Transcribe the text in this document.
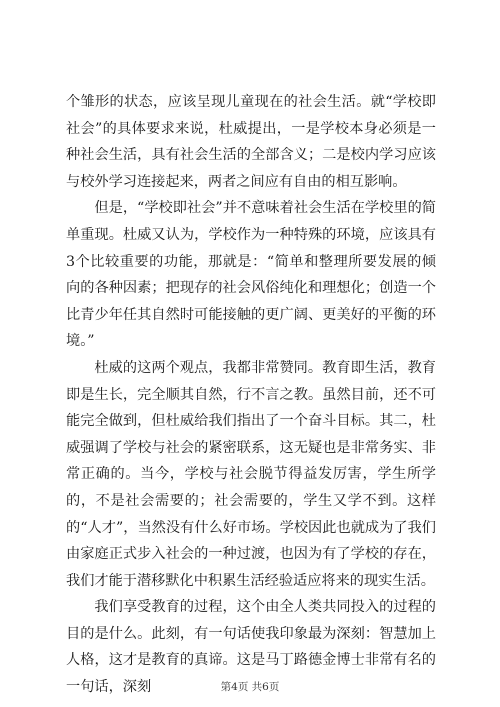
个雏形的状态，应该呈现儿童现在的社会生活。就“学校即社会”的具体要求来说，杜威提出，一是学校本身必须是一种社会生活，具有社会生活的全部含义；二是校内学习应该与校外学习连接起来，两者之间应有自由的相互影响。

但是，“学校即社会”并不意味着社会生活在学校里的简单重现。杜威又认为，学校作为一种特殊的环境，应该具有3个比较重要的功能，那就是：“简单和整理所要发展的倾向的各种因素；把现存的社会风俗纯化和理想化；创造一个比青少年任其自然时可能接触的更广阔、更美好的平衡的环境。”

杜威的这两个观点，我都非常赞同。教育即生活，教育即是生长，完全顺其自然，行不言之教。虽然目前，还不可能完全做到，但杜威给我们指出了一个奋斗目标。其二，杜威强调了学校与社会的紧密联系，这无疑也是非常务实、非常正确的。当今，学校与社会脱节得益发厉害，学生所学的，不是社会需要的；社会需要的，学生又学不到。这样的“人才”，当然没有什么好市场。学校因此也就成为了我们由家庭正式步入社会的一种过渡，也因为有了学校的存在，我们才能于潜移默化中积累生活经验适应将来的现实生活。

我们享受教育的过程，这个由全人类共同投入的过程的目的是什么。此刻，有一句话使我印象最为深刻：智慧加上人格，这才是教育的真谛。这是马丁路德金博士非常有名的一句话，深刻	第4页 共6页
